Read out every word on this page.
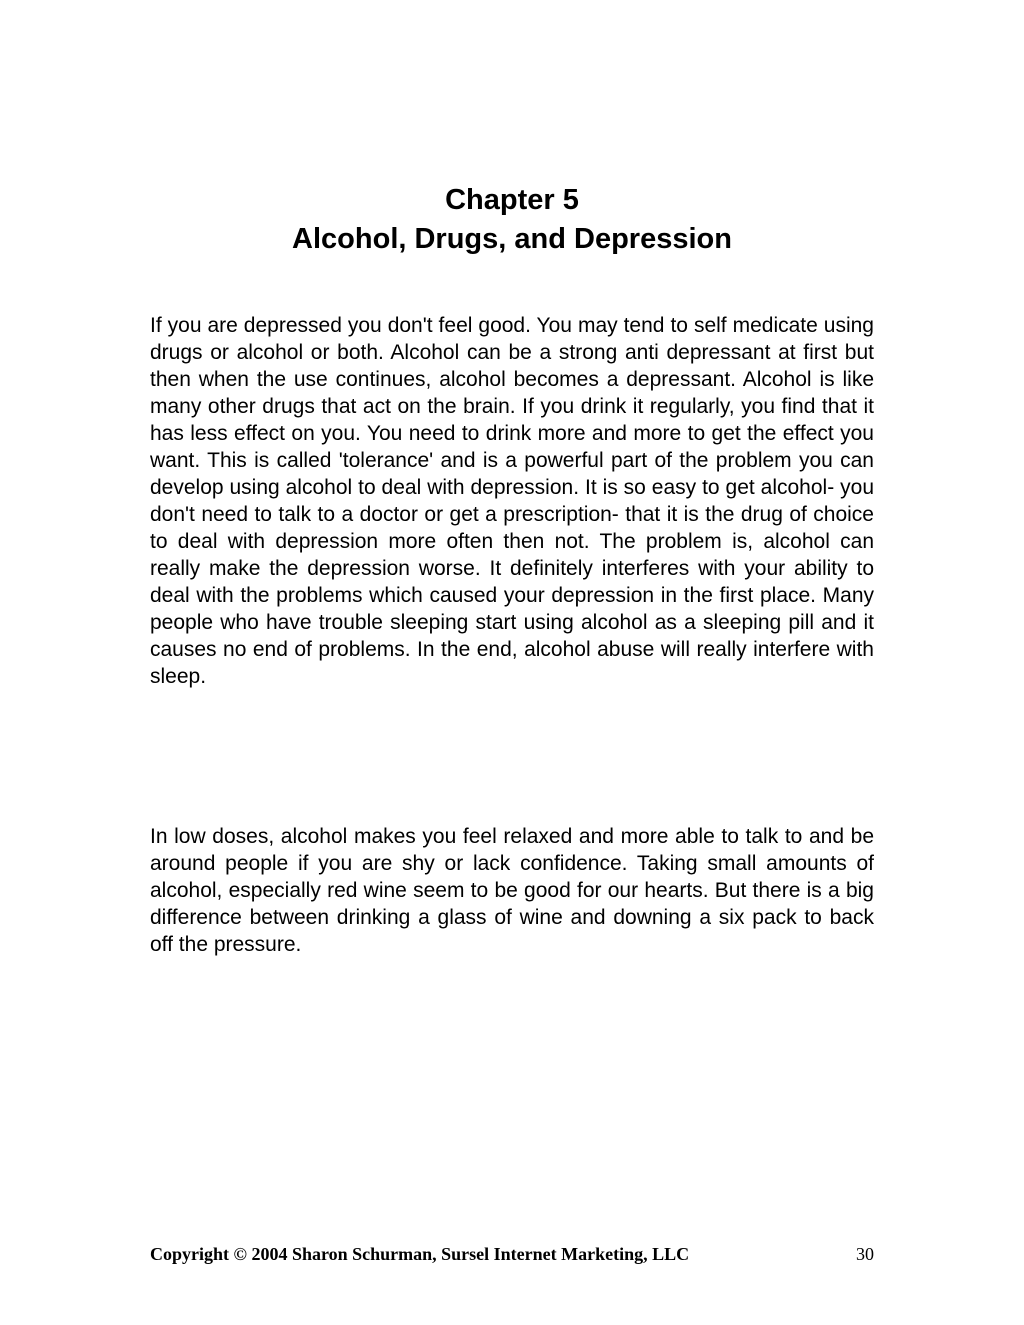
Chapter 5
Alcohol, Drugs, and Depression

If you are depressed you don't feel good. You may tend to self medicate using drugs or alcohol or both. Alcohol can be a strong anti depressant at first but then when the use continues, alcohol becomes a depressant. Alcohol is like many other drugs that act on the brain. If you drink it regularly, you find that it has less effect on you. You need to drink more and more to get the effect you want. This is called 'tolerance' and is a powerful part of the problem you can develop using alcohol to deal with depression. It is so easy to get alcohol- you don't need to talk to a doctor or get a prescription- that it is the drug of choice to deal with depression more often then not. The problem is, alcohol can really make the depression worse. It definitely interferes with your ability to deal with the problems which caused your depression in the first place. Many people who have trouble sleeping start using alcohol as a sleeping pill and it causes no end of problems. In the end, alcohol abuse will really interfere with sleep.

In low doses, alcohol makes you feel relaxed and more able to talk to and be around people if you are shy or lack confidence. Taking small amounts of alcohol, especially red wine seem to be good for our hearts. But there is a big difference between drinking a glass of wine and downing a six pack to back off the pressure.

Copyright © 2004 Sharon Schurman, Sursel Internet Marketing, LLC	30
